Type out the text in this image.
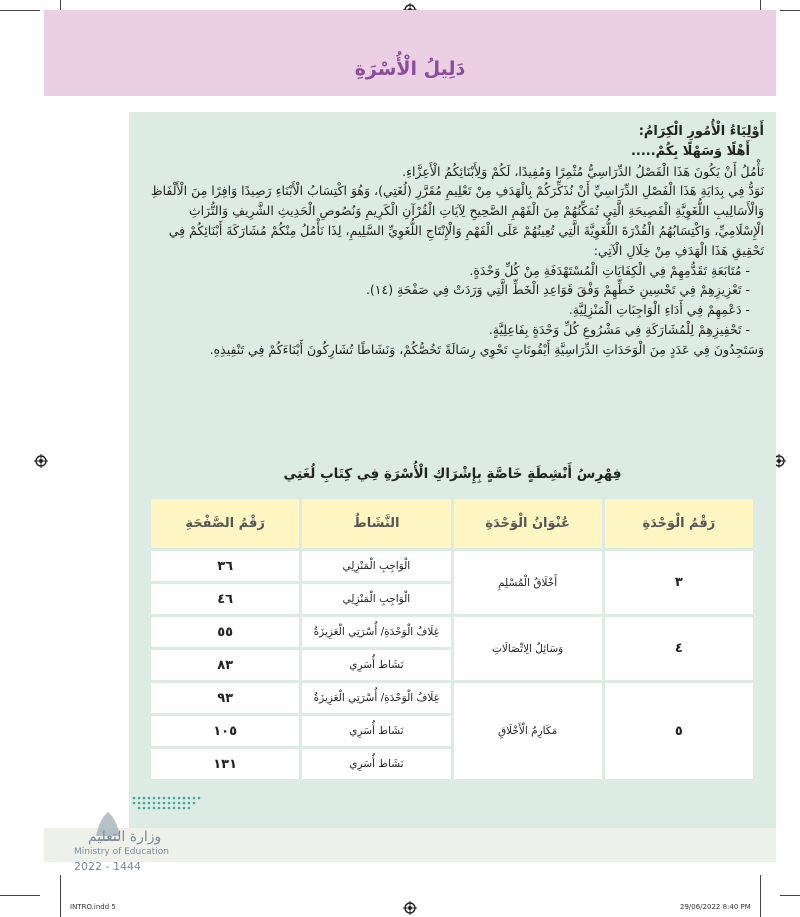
دَلِيلُ الْأُسْرَةِ

أَوْلِيَاءُ الْأُمُورِ الْكِرَامُ:

أَهْلًا وَسَهْلًا بِكُمْ.....

نَأْمُلُ أَنْ يَكُونَ هَذَا الْفَصْلُ الدِّرَاسِيُّ مُثْمِرًا وَمُفِيدًا، لَكُمْ وَلِأَبْنَائِكُمُ الْأَعِزَّاءِ.

نَوَدُّ فِي بِدَايَةِ هَذَا الْفَصْلِ الدِّرَاسِيِّ أَنْ نُذَكِّرَكُمْ بِالْهَدَفِ مِنْ تَعْلِيمِ مُقَرَّرِ (لُغَتِي)، وَهُوَ اكْتِسَابُ الْأَبْنَاءِ رَصِيدًا وَافِرًا مِنَ الْأَلْفَاظِ وَالْأَسَالِيبِ اللُّغَوِيَّةِ الْفَصِيحَةِ الَّتِي تُمَكِّنُهُمْ مِنَ الْفَهْمِ الصَّحِيحِ لِآيَاتِ الْقُرْآنِ الْكَرِيمِ وَنُصُوصِ الْحَدِيثِ الشَّرِيفِ وَالتُّرَاثِ الْإِسْلَامِيِّ، وَاكْتِسَابُهُمُ الْقُدْرَةَ اللُّغَوِيَّةَ الَّتِي تُعِينُهُمْ عَلَى الْفَهْمِ وَالْإِنْتَاجِ اللُّغَوِيِّ السَّلِيمِ، لِذَا نَأْمُلُ مِنْكُمْ مُشَارَكَةَ أَبْنَائِكُمْ فِي تَحْقِيقِ هَذَا الْهَدَفِ مِنْ خِلَالِ الْآتِي:

- مُتَابَعَةِ تَقَدُّمِهِمْ فِي الْكِفَايَاتِ الْمُسْتَهْدَفَةِ مِنْ كُلِّ وَحْدَةٍ.

- تَعْزِيزِهِمْ فِي تَحْسِينِ خَطِّهِمْ وَفْقَ قَوَاعِدِ الْخَطِّ الَّتِي وَرَدَتْ فِي صَفْحَةِ (١٤).

- دَعْمِهِمْ فِي أَدَاءِ الْوَاجِبَاتِ الْمَنْزِلِيَّةِ.

- تَحْفِيزِهِمْ لِلْمُشَارَكَةِ فِي مَشْرُوعِ كُلِّ وَحْدَةٍ بِفَاعِلِيَّةٍ.

وَسَتَجِدُونَ فِي عَدَدٍ مِنَ الْوَحَدَاتِ الدِّرَاسِيَّةِ أَيْقُونَاتٍ تَحْوِي رِسَالَةً تَخُصُّكُمْ، وَنَشَاطًا تُشَارِكُونَ أَبْنَاءَكُمْ فِي تَنْفِيذِهِ.

فِهْرِسُ أَنْشِطَةٍ خَاصَّةٍ بِإِشْرَاكِ الْأُسْرَةِ فِي كِتَابِ لُغَتِي
رَقْمُ الْوَحْدَةِ	عُنْوَانُ الْوَحْدَةِ	النَّشَاطُ	رَقْمُ الصَّفْحَةِ
٣	أَخْلَاقُ الْمُسْلِمِ	الْوَاجِبِ الْمَنْزِلِي	٣٦
		الْوَاجِبِ الْمَنْزِلِي	٤٦
٤	وَسَائِلُ الِاتِّصَالَاتِ	غِلَافُ الْوَحْدَةِ/ أُسْرَتِي الْعَزِيزَةُ	٥٥
		نَشَاط أُسَرِي	٨٣
٥	مَكَارِمُ الْأَخْلَاقِ	غِلَافُ الْوَحْدَةِ/ أُسْرَتِي الْعَزِيزَةُ	٩٣
		نَشَاط أُسَرِي	١٠٥
		نَشَاط أُسَرِي	١٣١
وزارة التعليم
Ministry of Education
2022 - 1444
INTRO.indd 5	29/06/2022 8:40 PM
